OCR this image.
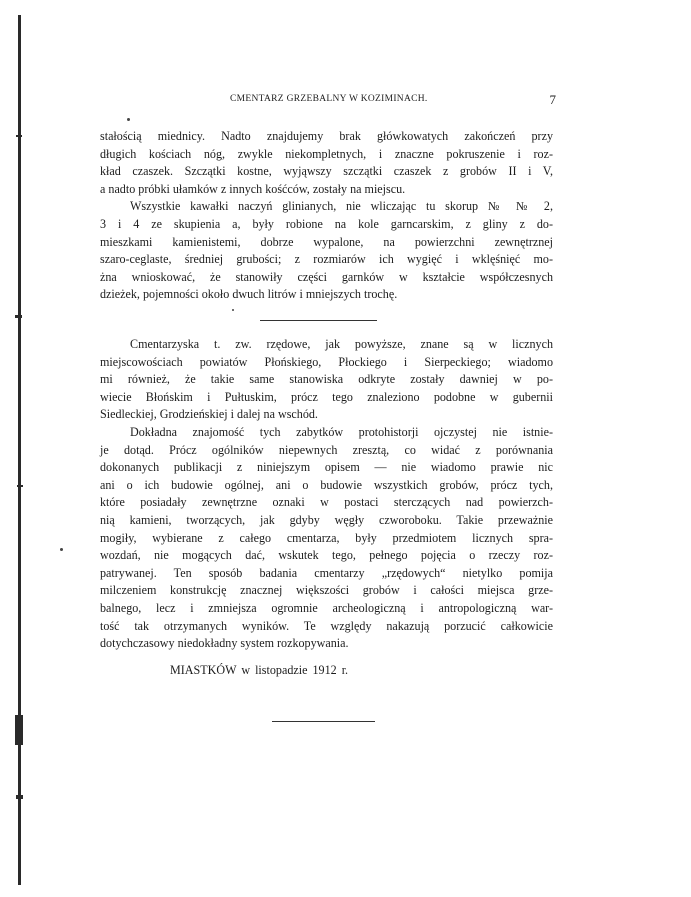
CMENTARZ GRZEBALNY W KOZIMINACH.	7
stałością miednicy. Nadto znajdujemy brak główkowatych zakończeń przy
długich kościach nóg, zwykle niekompletnych, i znaczne pokruszenie i roz-
kład czaszek. Szczątki kostne, wyjąwszy szczątki czaszek z grobów II i V,
a nadto próbki ułamków z innych kośćców, zostały na miejscu.
Wszystkie kawałki naczyń glinianych, nie wliczając tu skorup № № 2,
3 i 4 ze skupienia a, były robione na kole garncarskim, z gliny z do-
mieszkami kamienistemi, dobrze wypalone, na powierzchni zewnętrznej
szaro-ceglaste, średniej grubości; z rozmiarów ich wygięć i wklęśnięć mo-
żna wnioskować, że stanowiły części garnków w kształcie współczesnych
dzieżek, pojemności około dwuch litrów i mniejszych trochę.
Cmentarzyska t. zw. rzędowe, jak powyższe, znane są w licznych
miejscowościach powiatów Płońskiego, Płockiego i Sierpeckiego; wiadomo
mi również, że takie same stanowiska odkryte zostały dawniej w po-
wiecie Błońskim i Pułtuskim, prócz tego znaleziono podobne w gubernii
Siedleckiej, Grodzieńskiej i dalej na wschód.
Dokładna znajomość tych zabytków protohistorji ojczystej nie istnie-
je dotąd. Prócz ogólników niepewnych zresztą, co widać z porównania
dokonanych publikacji z niniejszym opisem — nie wiadomo prawie nic
ani o ich budowie ogólnej, ani o budowie wszystkich grobów, prócz tych,
które posiadały zewnętrzne oznaki w postaci sterczących nad powierzch-
nią kamieni, tworzących, jak gdyby węgły czworoboku. Takie przeważnie
mogiły, wybierane z całego cmentarza, były przedmiotem licznych spra-
wozdań, nie mogących dać, wskutek tego, pełnego pojęcia o rzeczy roz-
patrywanej. Ten sposób badania cmentarzy „rzędowych“ nietylko pomija
milczeniem konstrukcję znacznej większości grobów i całości miejsca grze-
balnego, lecz i zmniejsza ogromnie archeologiczną i antropologiczną war-
tość tak otrzymanych wyników. Te względy nakazują porzucić całkowicie
dotychczasowy niedokładny system rozkopywania.
MIASTKÓW w listopadzie 1912 r.
